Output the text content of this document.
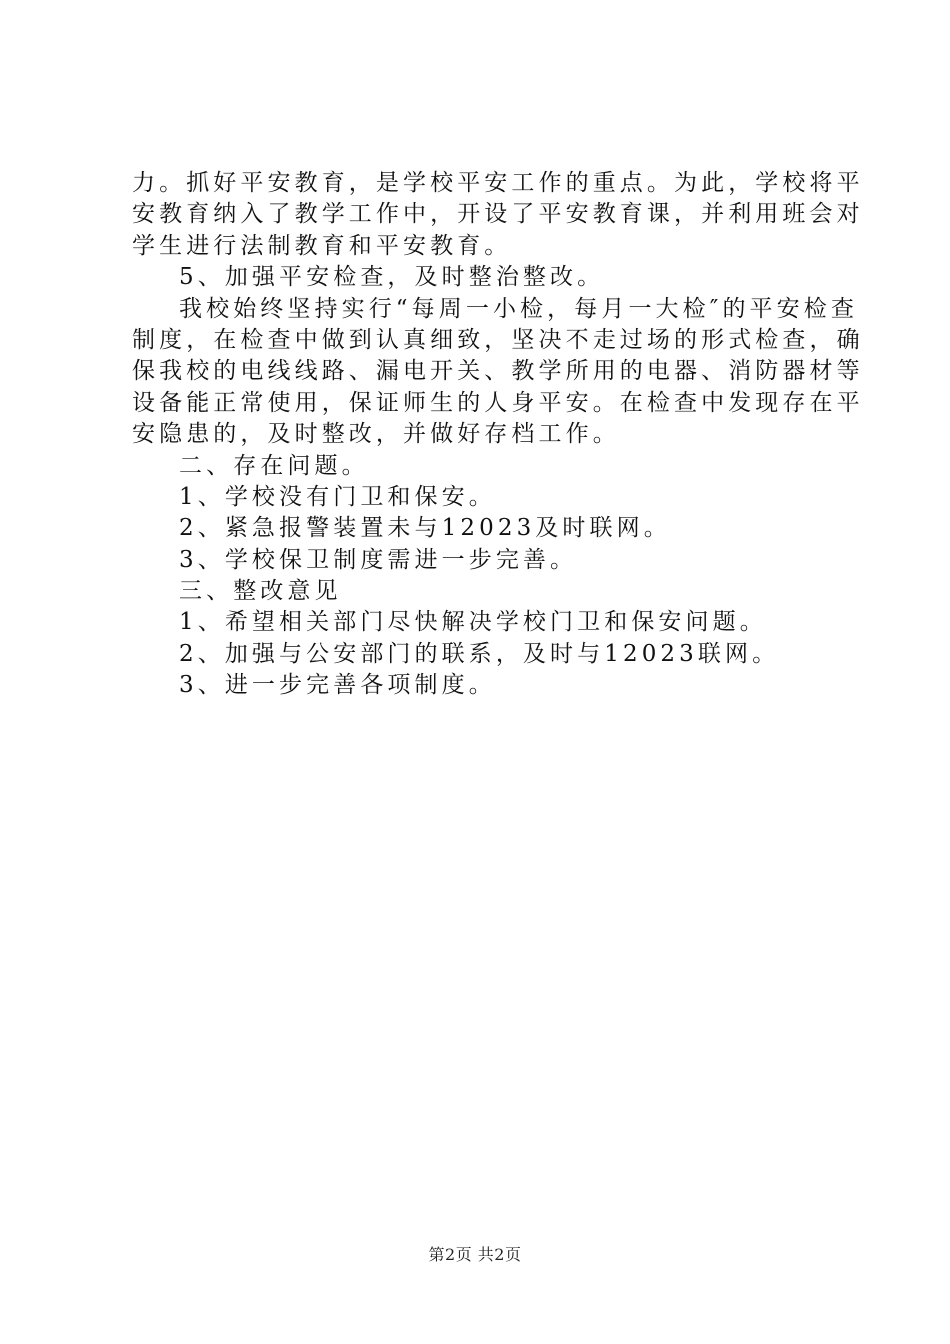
力。抓好平安教育，是学校平安工作的重点。为此，学校将平
安教育纳入了教学工作中，开设了平安教育课，并利用班会对
学生进行法制教育和平安教育。
5、加强平安检查，及时整治整改。
我校始终坚持实行“每周一小检，每月一大检″的平安检查
制度，在检查中做到认真细致，坚决不走过场的形式检查，确
保我校的电线线路、漏电开关、教学所用的电器、消防器材等
设备能正常使用，保证师生的人身平安。在检查中发现存在平
安隐患的，及时整改，并做好存档工作。
二、存在问题。
1、学校没有门卫和保安。
2、紧急报警装置未与12023及时联网。
3、学校保卫制度需进一步完善。
三、整改意见
1、希望相关部门尽快解决学校门卫和保安问题。
2、加强与公安部门的联系，及时与12023联网。
3、进一步完善各项制度。
第2页 共2页
